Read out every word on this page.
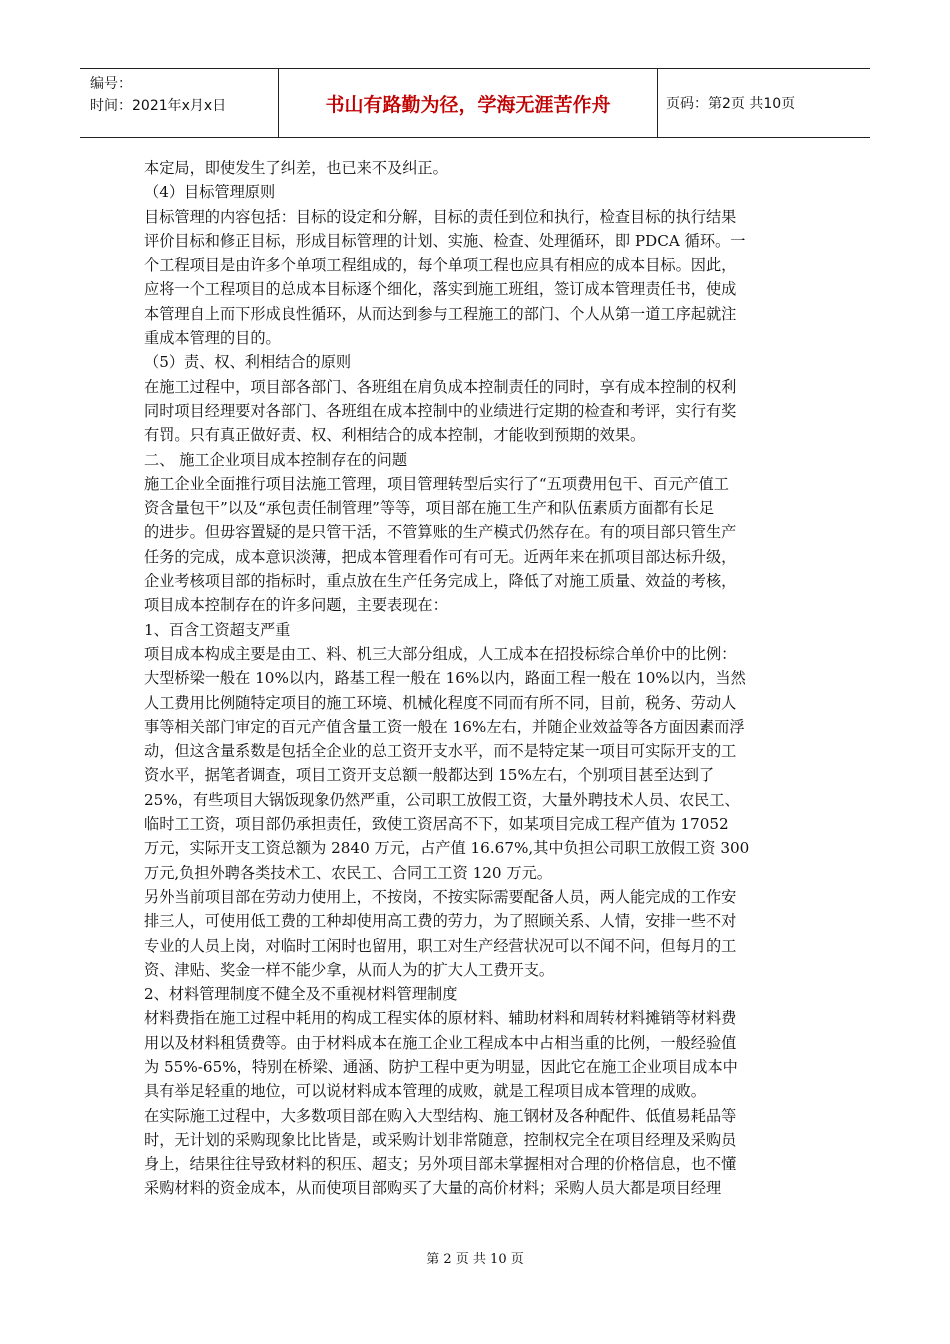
编号：
时间：2021年x月x日	书山有路勤为径，学海无涯苦作舟	页码：第2页 共10页

本定局，即使发生了纠差，也已来不及纠正。

（4）目标管理原则

目标管理的内容包括：目标的设定和分解，目标的责任到位和执行，检查目标的执行结果

评价目标和修正目标，形成目标管理的计划、实施、检查、处理循环，即 PDCA 循环。一

个工程项目是由许多个单项工程组成的，每个单项工程也应具有相应的成本目标。因此，

应将一个工程项目的总成本目标逐个细化，落实到施工班组，签订成本管理责任书，使成

本管理自上而下形成良性循环，从而达到参与工程施工的部门、个人从第一道工序起就注

重成本管理的目的。

（5）责、权、利相结合的原则

在施工过程中，项目部各部门、各班组在肩负成本控制责任的同时，享有成本控制的权利

同时项目经理要对各部门、各班组在成本控制中的业绩进行定期的检查和考评，实行有奖

有罚。只有真正做好责、权、利相结合的成本控制，才能收到预期的效果。

二、 施工企业项目成本控制存在的问题

施工企业全面推行项目法施工管理，项目管理转型后实行了“五项费用包干、百元产值工

资含量包干”以及“承包责任制管理”等等，项目部在施工生产和队伍素质方面都有长足

的进步。但毋容置疑的是只管干活，不管算账的生产模式仍然存在。有的项目部只管生产

任务的完成，成本意识淡薄，把成本管理看作可有可无。近两年来在抓项目部达标升级，

企业考核项目部的指标时，重点放在生产任务完成上，降低了对施工质量、效益的考核，

项目成本控制存在的许多问题，主要表现在：

1、百含工资超支严重

项目成本构成主要是由工、料、机三大部分组成，人工成本在招投标综合单价中的比例：

大型桥梁一般在 10%以内，路基工程一般在 16%以内，路面工程一般在 10%以内，当然

人工费用比例随特定项目的施工环境、机械化程度不同而有所不同，目前，税务、劳动人

事等相关部门审定的百元产值含量工资一般在 16%左右，并随企业效益等各方面因素而浮

动，但这含量系数是包括全企业的总工资开支水平，而不是特定某一项目可实际开支的工

资水平，据笔者调查，项目工资开支总额一般都达到 15%左右，个别项目甚至达到了

25%，有些项目大锅饭现象仍然严重，公司职工放假工资，大量外聘技术人员、农民工、

临时工工资，项目部仍承担责任，致使工资居高不下，如某项目完成工程产值为 17052

万元，实际开支工资总额为 2840 万元，占产值 16.67%,其中负担公司职工放假工资 300

万元,负担外聘各类技术工、农民工、合同工工资 120 万元。

另外当前项目部在劳动力使用上，不按岗，不按实际需要配备人员，两人能完成的工作安

排三人，可使用低工费的工种却使用高工费的劳力，为了照顾关系、人情，安排一些不对

专业的人员上岗，对临时工闲时也留用，职工对生产经营状况可以不闻不问，但每月的工

资、津贴、奖金一样不能少拿，从而人为的扩大人工费开支。

2、材料管理制度不健全及不重视材料管理制度

材料费指在施工过程中耗用的构成工程实体的原材料、辅助材料和周转材料摊销等材料费

用以及材料租赁费等。由于材料成本在施工企业工程成本中占相当重的比例，一般经验值

为 55%-65%，特别在桥梁、通涵、防护工程中更为明显，因此它在施工企业项目成本中

具有举足轻重的地位，可以说材料成本管理的成败，就是工程项目成本管理的成败。

在实际施工过程中，大多数项目部在购入大型结构、施工钢材及各种配件、低值易耗品等

时，无计划的采购现象比比皆是，或采购计划非常随意，控制权完全在项目经理及采购员

身上，结果往往导致材料的积压、超支；另外项目部未掌握相对合理的价格信息，也不懂

采购材料的资金成本，从而使项目部购买了大量的高价材料；采购人员大都是项目经理

第 2 页 共 10 页
